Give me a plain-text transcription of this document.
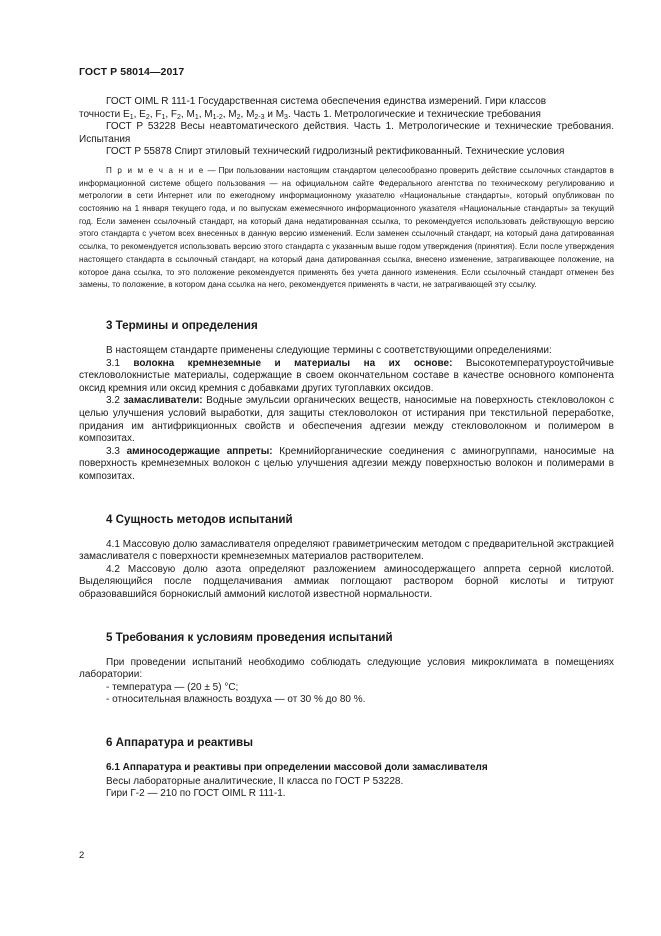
ГОСТ Р 58014—2017

ГОСТ OIML R 111-1 Государственная система обеспечения единства измерений. Гири классов
точности $E_1$, $E_2$, $F_1$, $F_2$, $M_1$, $M_{1-2}$, $M_2$, $M_{2-3}$ и $M_3$. Часть 1. Метрологические и технические требования

ГОСТ Р 53228 Весы неавтоматического действия. Часть 1. Метрологические и технические требования. Испытания

ГОСТ Р 55878 Спирт этиловый технический гидролизный ректификованный. Технические условия

П р и м е ч а н и е — При пользовании настоящим стандартом целесообразно проверить действие ссылочных стандартов в информационной системе общего пользования — на официальном сайте Федерального агентства по техническому регулированию и метрологии в сети Интернет или по ежегодному информационному указателю «Национальные стандарты», который опубликован по состоянию на 1 января текущего года, и по выпускам ежемесячного информационного указателя «Национальные стандарты» за текущий год. Если заменен ссылочный стандарт, на который дана недатированная ссылка, то рекомендуется использовать действующую версию этого стандарта с учетом всех внесенных в данную версию изменений. Если заменен ссылочный стандарт, на который дана датированная ссылка, то рекомендуется использовать версию этого стандарта с указанным выше годом утверждения (принятия). Если после утверждения настоящего стандарта в ссылочный стандарт, на который дана датированная ссылка, внесено изменение, затрагивающее положение, на которое дана ссылка, то это положение рекомендуется применять без учета данного изменения. Если ссылочный стандарт отменен без замены, то положение, в котором дана ссылка на него, рекомендуется применять в части, не затрагивающей эту ссылку.

3 Термины и определения

В настоящем стандарте применены следующие термины с соответствующими определениями:

3.1 волокна кремнеземные и материалы на их основе: Высокотемпературоустойчивые стекловолокнистые материалы, содержащие в своем окончательном составе в качестве основного компонента оксид кремния или оксид кремния с добавками других тугоплавких оксидов.

3.2 замасливатели: Водные эмульсии органических веществ, наносимые на поверхность стекловолокон с целью улучшения условий выработки, для защиты стекловолокон от истирания при текстильной переработке, придания им антифрикционных свойств и обеспечения адгезии между стекловолокном и полимером в композитах.

3.3 аминосодержащие аппреты: Кремнийорганические соединения с аминогруппами, наносимые на поверхность кремнеземных волокон с целью улучшения адгезии между поверхностью волокон и полимерами в композитах.

4 Сущность методов испытаний

4.1 Массовую долю замасливателя определяют гравиметрическим методом с предварительной экстракцией замасливателя с поверхности кремнеземных материалов растворителем.

4.2 Массовую долю азота определяют разложением аминосодержащего аппрета серной кислотой. Выделяющийся после подщелачивания аммиак поглощают раствором борной кислоты и титруют образовавшийся борнокислый аммоний кислотой известной нормальности.

5 Требования к условиям проведения испытаний

При проведении испытаний необходимо соблюдать следующие условия микроклимата в помещениях лаборатории:

- температура — (20 ± 5) °С;

- относительная влажность воздуха — от 30 % до 80 %.

6 Аппаратура и реактивы
6.1 Аппаратура и реактивы при определении массовой доли замасливателя

Весы лабораторные аналитические, II класса по ГОСТ Р 53228.

Гири Г-2 — 210 по ГОСТ OIML R 111-1.

2
